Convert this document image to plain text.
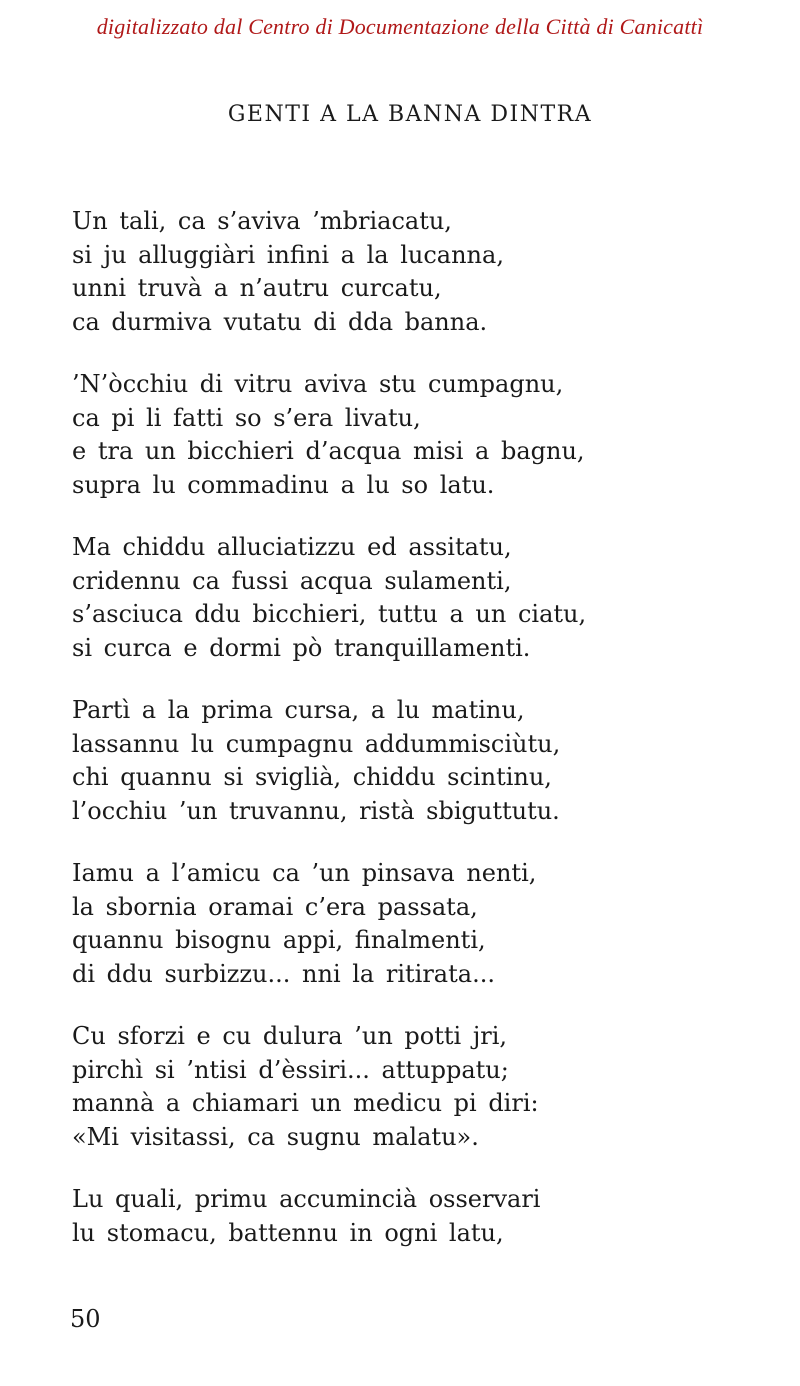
digitalizzato dal Centro di Documentazione della Città di Canicattì
GENTI A LA BANNA DINTRA
Un tali, ca s’aviva ’mbriacatu,
si ju alluggiàri infini a la lucanna,
unni truvà a n’autru curcatu,
ca durmiva vutatu di dda banna.
’N’òcchiu di vitru aviva stu cumpagnu,
ca pi li fatti so s’era livatu,
e tra un bicchieri d’acqua misi a bagnu,
supra lu commadinu a lu so latu.
Ma chiddu alluciatizzu ed assitatu,
cridennu ca fussi acqua sulamenti,
s’asciuca ddu bicchieri, tuttu a un ciatu,
si curca e dormi pò tranquillamenti.
Partì a la prima cursa, a lu matinu,
lassannu lu cumpagnu addummisciùtu,
chi quannu si sviglià, chiddu scintinu,
l’occhiu ’un truvannu, ristà sbiguttutu.
Iamu a l’amicu ca ’un pinsava nenti,
la sbornia oramai c’era passata,
quannu bisognu appi, finalmenti,
di ddu surbizzu... nni la ritirata...
Cu sforzi e cu dulura ’un potti jri,
pirchì si ’ntisi d’èssiri... attuppatu;
mannà a chiamari un medicu pi diri:
«Mi visitassi, ca sugnu malatu».
Lu quali, primu accumincià osservari
lu stomacu, battennu in ogni latu,
50
